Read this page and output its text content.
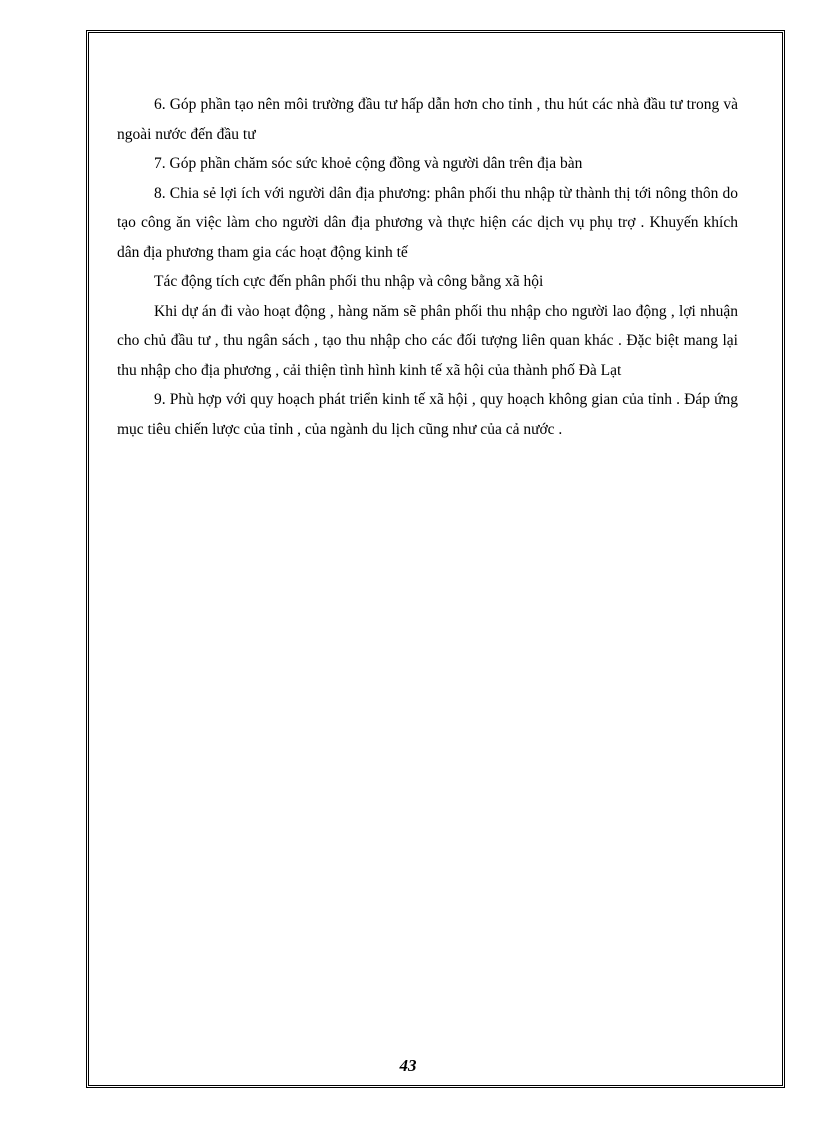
6. Góp phần tạo nên môi trường đầu tư hấp dẫn hơn cho tỉnh , thu hút các nhà đầu tư trong và ngoài nước đến đầu tư

7. Góp phần chăm sóc sức khoẻ cộng đồng và người dân trên địa bàn

8. Chia sẻ lợi ích với người dân địa phương: phân phối thu nhập từ thành thị tới nông thôn do tạo công ăn việc làm cho người dân địa phương và thực hiện các dịch vụ phụ trợ . Khuyến khích dân địa phương tham gia các hoạt động kinh tế

Tác động tích cực đến phân phối thu nhập và công bằng xã hội

Khi dự án đi vào hoạt động , hàng năm sẽ phân phối thu nhập cho người lao động , lợi nhuận cho chủ đầu tư , thu ngân sách , tạo thu nhập cho các đối tượng liên quan khác . Đặc biệt mang lại thu nhập cho địa phương , cải thiện tình hình kinh tế xã hội của thành phố Đà Lạt

9. Phù hợp với quy hoạch phát triển kinh tế xã hội , quy hoạch không gian của tỉnh . Đáp ứng mục tiêu chiến lược của tỉnh , của ngành du lịch cũng như của cả nước .

43
